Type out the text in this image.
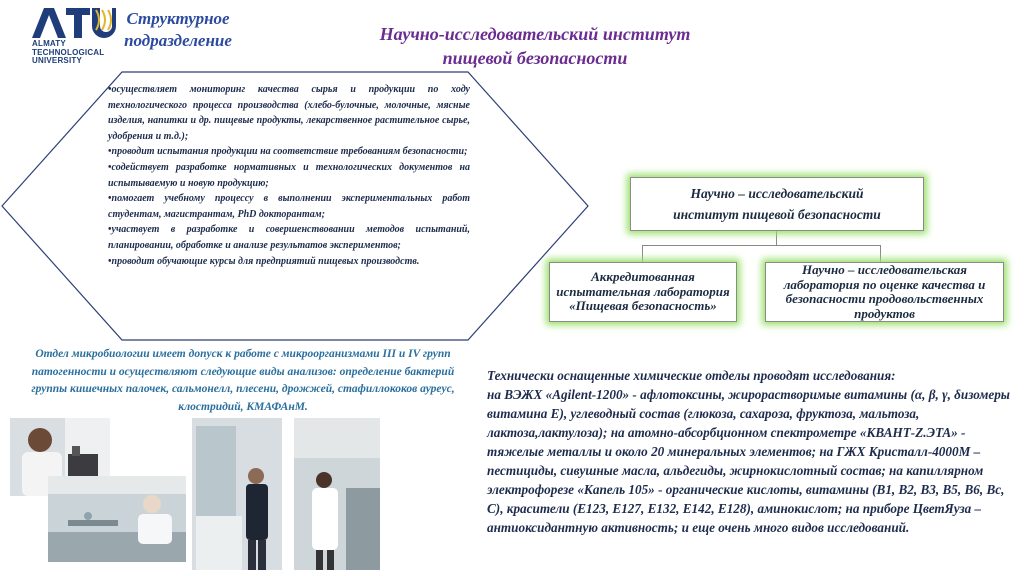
ALMATY
TECHNOLOGICAL
UNIVERSITY
Структурное
подразделение	Научно-исследовательский институт
пищевой безопасности

•осуществляет мониторинг качества сырья и продукции по ходу технологического процесса производства (хлебо-булочные, молочные, мясные изделия, напитки и др. пищевые продукты, лекарственное растительное сырье, удобрения и т.д.);

•проводит испытания продукции на соответствие требованиям безопасности;

•содействует разработке нормативных и технологических документов на испытываемую и новую продукцию;

•помогает учебному процессу в выполнении экспериментальных работ студентам, магистрантам, PhD докторантам;

•участвует в разработке и совершенствовании методов испытаний, планировании, обработке и анализе результатов экспериментов;

•проводит обучающие курсы для предприятий пищевых производств.

Отдел микробиологии имеет допуск к работе с микроорганизмами III и IV групп патогенности и осуществляют следующие виды анализов: определение бактерий группы кишечных палочек, сальмонелл, плесени, дрожжей, стафиллококов ауреус, клостридий, КМАФАнМ.
Научно – исследовательский
институт пищевой безопасности
Аккредитованная испытательная лаборатория «Пищевая безопасность»
Научно – исследовательская лаборатория по оценке качества и безопасности продовольственных продуктов
Технически оснащенные химические отделы проводят исследования:
на ВЭЖХ «Agilent-1200» - афлотоксины, жирорастворимые витамины (α, β, γ, δизомеры витамина Е), углеводный состав (глюкоза, сахароза, фруктоза, мальтоза, лактоза,лактулоза); на атомно-абсорбционном спектрометре «КВАНТ-Z.ЭТА» - тяжелые металлы и около 20 минеральных элементов; на ГЖХ Кристалл-4000М – пестициды, сивушные масла, альдегиды, жирнокислотный состав; на капиллярном электрофорезе «Капель 105» - органические кислоты, витамины (В1, В2, В3, В5, В6, Вс, С), красители (Е123, Е127, Е132, Е142, Е128), аминокислот; на приборе ЦветЯуза – антиоксидантную активность; и еще очень много видов исследований.
